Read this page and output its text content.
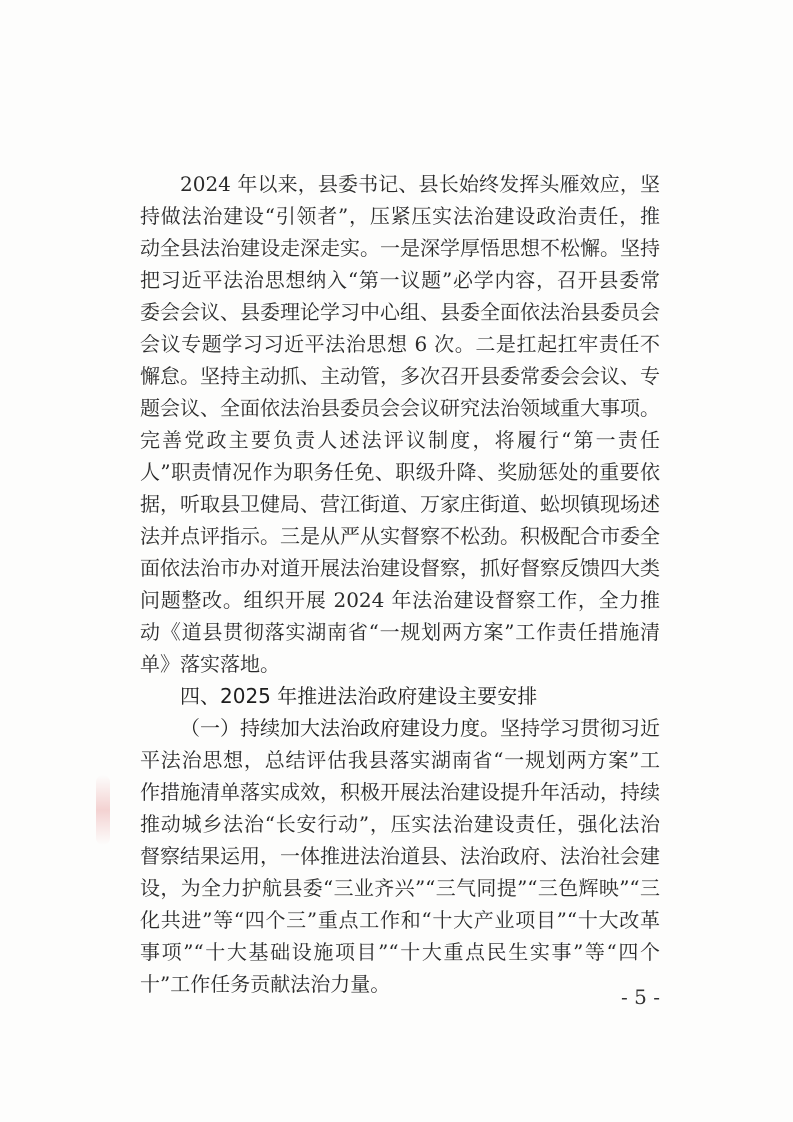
2024 年以来，县委书记、县长始终发挥头雁效应，坚持做法治建设“引领者”，压紧压实法治建设政治责任，推动全县法治建设走深走实。一是深学厚悟思想不松懈。坚持把习近平法治思想纳入“第一议题”必学内容，召开县委常委会会议、县委理论学习中心组、县委全面依法治县委员会会议专题学习习近平法治思想 6 次。二是扛起扛牢责任不懈怠。坚持主动抓、主动管，多次召开县委常委会会议、专题会议、全面依法治县委员会会议研究法治领域重大事项。完善党政主要负责人述法评议制度，将履行“第一责任人”职责情况作为职务任免、职级升降、奖励惩处的重要依据，听取县卫健局、营江街道、万家庄街道、蚣坝镇现场述法并点评指示。三是从严从实督察不松劲。积极配合市委全面依法治市办对道开展法治建设督察，抓好督察反馈四大类问题整改。组织开展 2024 年法治建设督察工作，全力推动《道县贯彻落实湖南省“一规划两方案”工作责任措施清单》落实落地。

四、2025 年推进法治政府建设主要安排

（一）持续加大法治政府建设力度。坚持学习贯彻习近平法治思想，总结评估我县落实湖南省“一规划两方案”工作措施清单落实成效，积极开展法治建设提升年活动，持续推动城乡法治“长安行动”，压实法治建设责任，强化法治督察结果运用，一体推进法治道县、法治政府、法治社会建设，为全力护航县委“三业齐兴”“三气同提”“三色辉映”“三化共进”等“四个三”重点工作和“十大产业项目”“十大改革事项”“十大基础设施项目”“十大重点民生实事”等“四个十”工作任务贡献法治力量。

- 5 -
